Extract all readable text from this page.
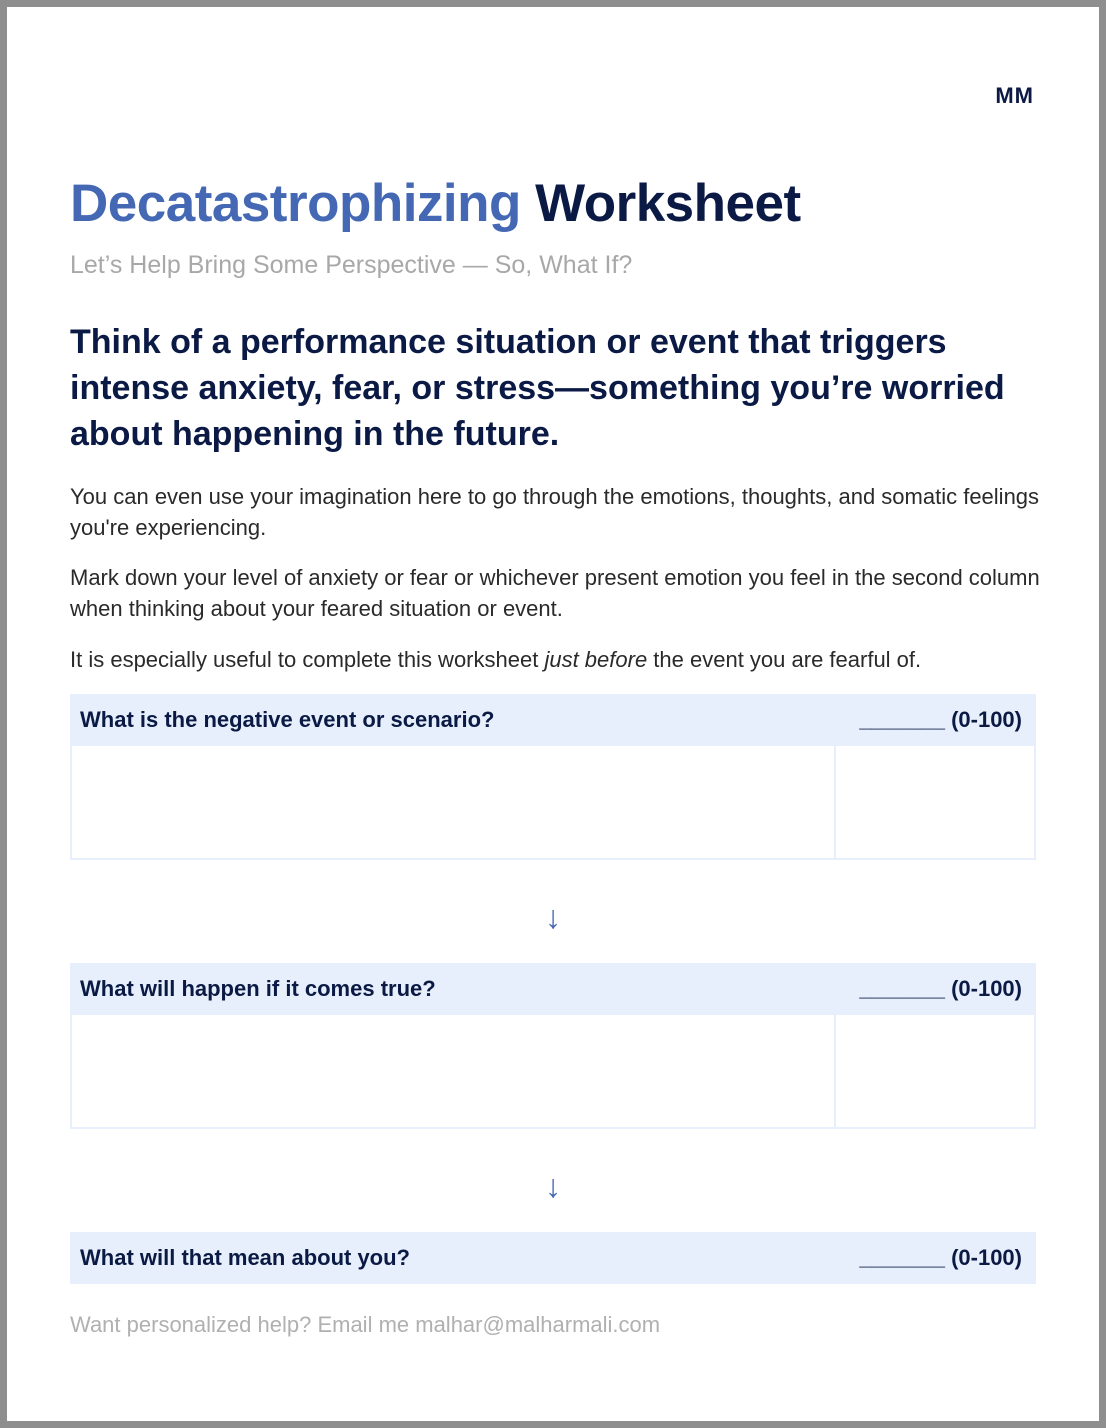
MM
Decatastrophizing Worksheet
Let’s Help Bring Some Perspective — So, What If?

Think of a performance situation or event that triggers intense anxiety, fear, or stress—something you’re worried about happening in the future.

You can even use your imagination here to go through the emotions, thoughts, and somatic feelings you're experiencing.

Mark down your level of anxiety or fear or whichever present emotion you feel in the second column when thinking about your feared situation or event.

It is especially useful to complete this worksheet just before the event you are fearful of.

What is the negative event or scenario?	_______ (0-100)
↓
What will happen if it comes true?	_______ (0-100)
↓
What will that mean about you?	_______ (0-100)
Want personalized help? Email me malhar@malharmali.com
